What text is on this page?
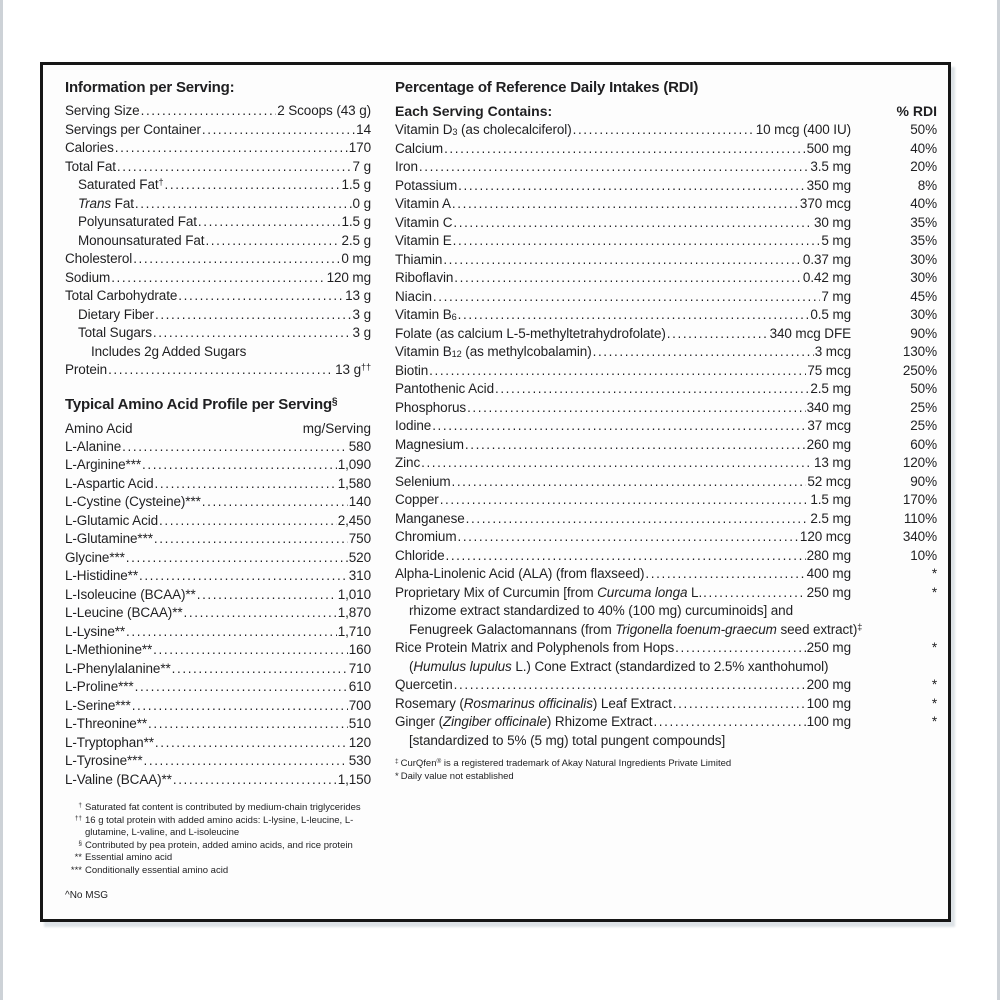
Information per Serving:
Serving Size .....	2 Scoops (43 g)
Servings per Container .....	14
Calories .....	170
Total Fat .....	7 g
Saturated Fat† .....	1.5 g
Trans Fat .....	0 g
Polyunsaturated Fat .....	1.5 g
Monounsaturated Fat .....	2.5 g
Cholesterol .....	0 mg
Sodium .....	120 mg
Total Carbohydrate .....	13 g
Dietary Fiber .....	3 g
Total Sugars .....	3 g
Includes 2g Added Sugars
Protein .....	13 g††
Typical Amino Acid Profile per Serving§
Amino Acid	mg/Serving
L-Alanine .....	580
L-Arginine*** .....	1,090
L-Aspartic Acid .....	1,580
L-Cystine (Cysteine)*** .....	140
L-Glutamic Acid .....	2,450
L-Glutamine*** .....	750
Glycine*** .....	520
L-Histidine** .....	310
L-Isoleucine (BCAA)** .....	1,010
L-Leucine (BCAA)** .....	1,870
L-Lysine** .....	1,710
L-Methionine** .....	160
L-Phenylalanine** .....	710
L-Proline*** .....	610
L-Serine*** .....	700
L-Threonine** .....	510
L-Tryptophan** .....	120
L-Tyrosine*** .....	530
L-Valine (BCAA)** .....	1,150
† Saturated fat content is contributed by medium-chain triglycerides
†† 16 g total protein with added amino acids: L-lysine, L-leucine, L-glutamine, L-valine, and L-isoleucine
§ Contributed by pea protein, added amino acids, and rice protein
** Essential amino acid
*** Conditionally essential amino acid
Percentage of Reference Daily Intakes (RDI)
Each Serving Contains:	% RDI
Vitamin $D_3$ (as cholecalciferol) .....	10 mcg (400 IU)	50%
Calcium .....	500 mg	40%
Iron .....	3.5 mg	20%
Potassium .....	350 mg	8%
Vitamin A .....	370 mcg	40%
Vitamin C .....	30 mg	35%
Vitamin E .....	5 mg	35%
Thiamin .....	0.37 mg	30%
Riboflavin .....	0.42 mg	30%
Niacin .....	7 mg	45%
Vitamin $B_6$ .....	0.5 mg	30%
Folate (as calcium L-5-methyltetrahydrofolate) .....	340 mcg DFE	90%
Vitamin $B_{12}$ (as methylcobalamin) .....	3 mcg	130%
Biotin .....	75 mcg	250%
Pantothenic Acid .....	2.5 mg	50%
Phosphorus .....	340 mg	25%
Iodine .....	37 mcg	25%
Magnesium .....	260 mg	60%
Zinc .....	13 mg	120%
Selenium .....	52 mcg	90%
Copper .....	1.5 mg	170%
Manganese .....	2.5 mg	110%
Chromium .....	120 mcg	340%
Chloride .....	280 mg	10%
Alpha-Linolenic Acid (ALA) (from flaxseed) .....	400 mg	*
Proprietary Mix of Curcumin [from Curcuma longa L. .....	250 mg	*
rhizome extract standardized to 40% (100 mg) curcuminoids] and
Fenugreek Galactomannans (from Trigonella foenum-graecum seed extract)‡
Rice Protein Matrix and Polyphenols from Hops .....	250 mg	*
(Humulus lupulus L.) Cone Extract (standardized to 2.5% xanthohumol)
Quercetin .....	200 mg	*
Rosemary (Rosmarinus officinalis) Leaf Extract .....	100 mg	*
Ginger (Zingiber officinale) Rhizome Extract .....	100 mg	*
[standardized to 5% (5 mg) total pungent compounds]
‡ CurQfen® is a registered trademark of Akay Natural Ingredients Private Limited
* Daily value not established
^No MSG
